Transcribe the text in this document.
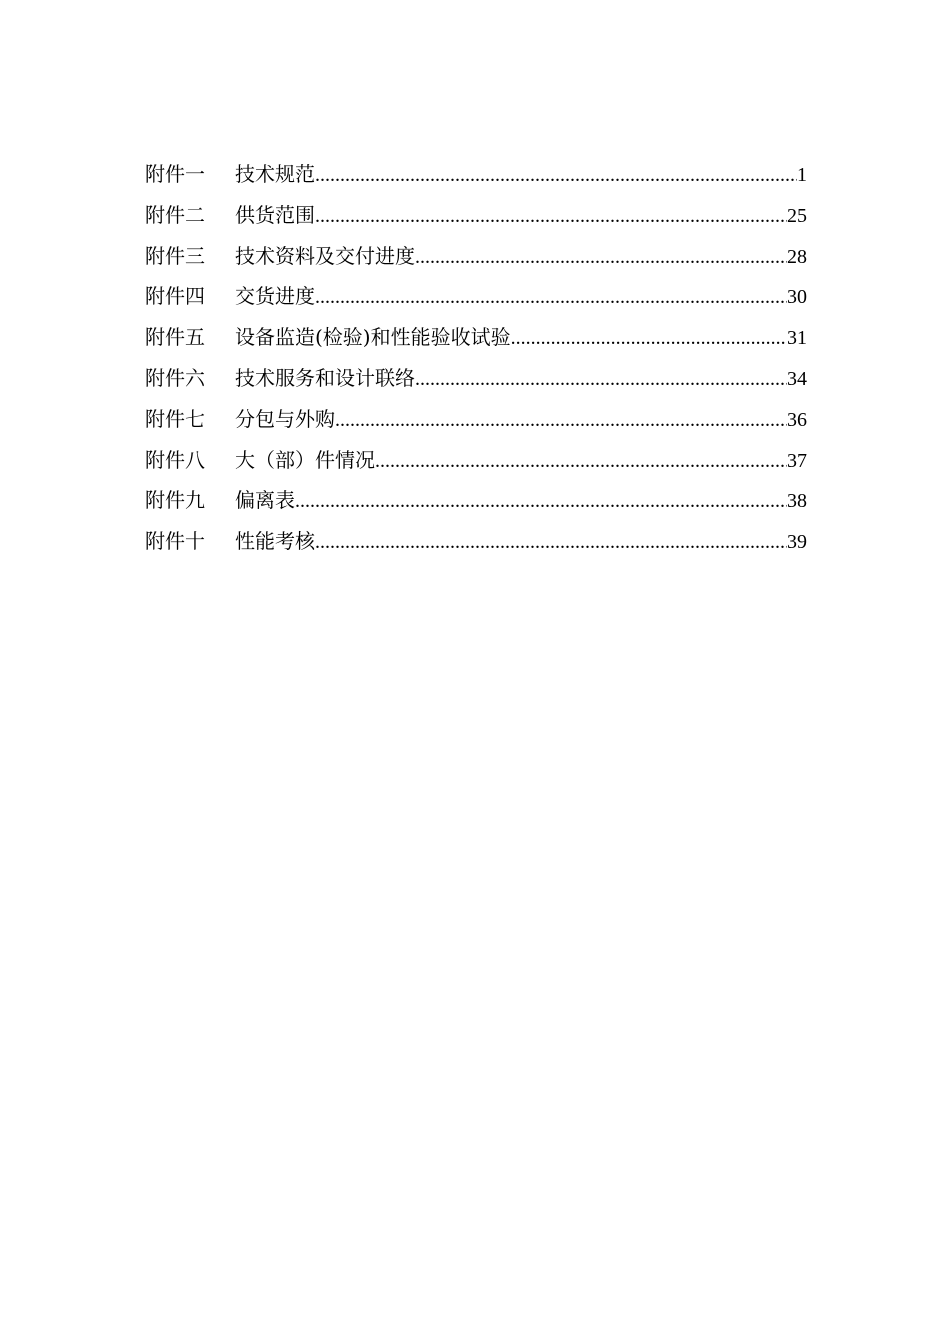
附件一	技术规范 .....	1
附件二	供货范围 .....	25
附件三	技术资料及交付进度 .....	28
附件四	交货进度 .....	30
附件五	设备监造(检验)和性能验收试验 .....	31
附件六	技术服务和设计联络 .....	34
附件七	分包与外购 .....	36
附件八	大（部）件情况 .....	37
附件九	偏离表 .....	38
附件十	性能考核 .....	39
